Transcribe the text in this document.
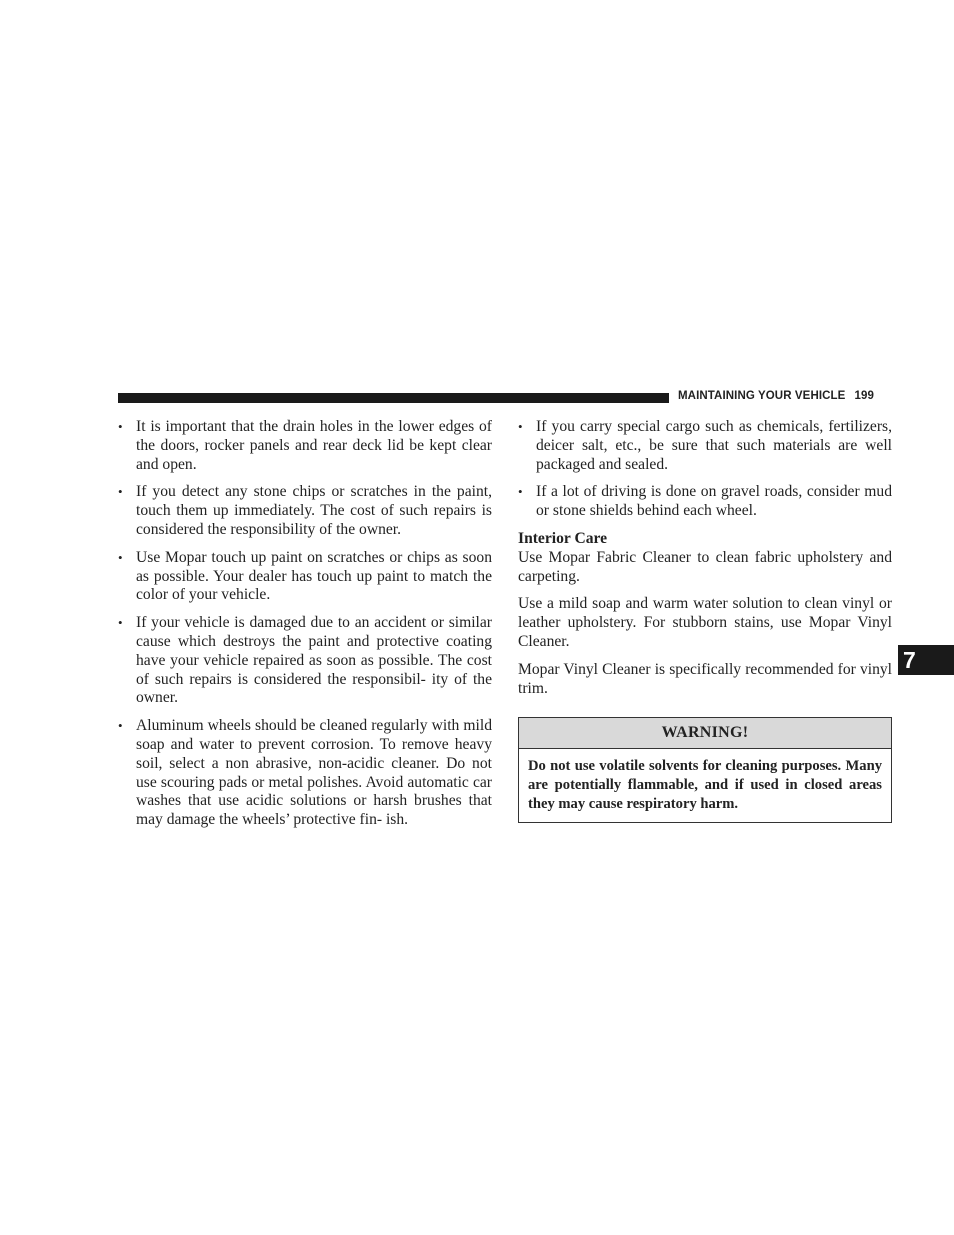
MAINTAINING YOUR VEHICLE 199
• It is important that the drain holes in the lower edges of the doors, rocker panels and rear deck lid be kept clear and open.
• If you detect any stone chips or scratches in the paint, touch them up immediately. The cost of such repairs is considered the responsibility of the owner.
• Use Mopar touch up paint on scratches or chips as soon as possible. Your dealer has touch up paint to match the color of your vehicle.
• If your vehicle is damaged due to an accident or similar cause which destroys the paint and protective coating have your vehicle repaired as soon as possible. The cost of such repairs is considered the responsibil- ity of the owner.
• Aluminum wheels should be cleaned regularly with mild soap and water to prevent corrosion. To remove heavy soil, select a non abrasive, non-acidic cleaner. Do not use scouring pads or metal polishes. Avoid automatic car washes that use acidic solutions or harsh brushes that may damage the wheels’ protective fin- ish.
• If you carry special cargo such as chemicals, fertilizers, deicer salt, etc., be sure that such materials are well packaged and sealed.
• If a lot of driving is done on gravel roads, consider mud or stone shields behind each wheel.
Interior Care
Use Mopar Fabric Cleaner to clean fabric upholstery and carpeting.
Use a mild soap and warm water solution to clean vinyl or leather upholstery. For stubborn stains, use Mopar Vinyl Cleaner.
Mopar Vinyl Cleaner is specifically recommended for vinyl trim.
WARNING!
Do not use volatile solvents for cleaning purposes. Many are potentially flammable, and if used in closed areas they may cause respiratory harm.
7
